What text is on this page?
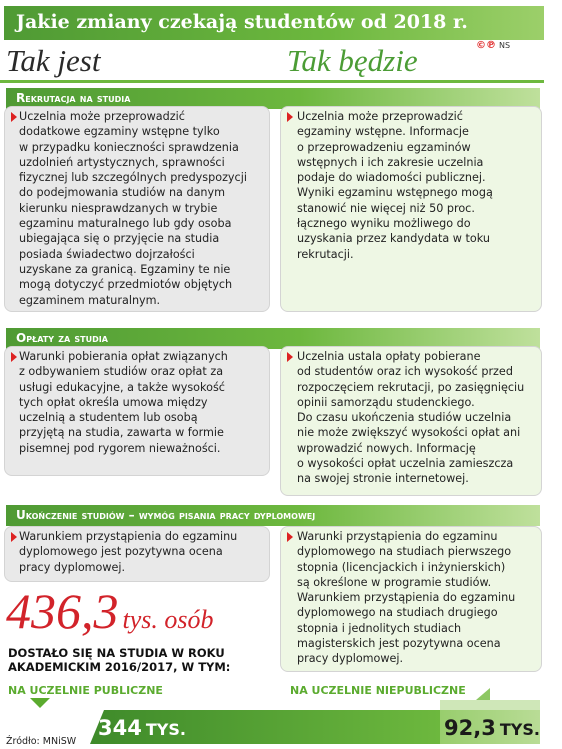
Jakie zmiany czekają studentów od 2018 r.
Tak jest	Tak będzie	©℗ NS
Rekrutacja na studia
Uczelnia może przeprowadzić
dodatkowe egzaminy wstępne tylko
w przypadku konieczności sprawdzenia
uzdolnień artystycznych, sprawności
fizycznej lub szczególnych predyspozycji
do podejmowania studiów na danym
kierunku niesprawdzanych w trybie
egzaminu maturalnego lub gdy osoba
ubiegająca się o przyjęcie na studia
posiada świadectwo dojrzałości
uzyskane za granicą. Egzaminy te nie
mogą dotyczyć przedmiotów objętych
egzaminem maturalnym.
Uczelnia może przeprowadzić
egzaminy wstępne. Informacje
o przeprowadzeniu egzaminów
wstępnych i ich zakresie uczelnia
podaje do wiadomości publicznej.
Wyniki egzaminu wstępnego mogą
stanowić nie więcej niż 50 proc.
łącznego wyniku możliwego do
uzyskania przez kandydata w toku
rekrutacji.
Opłaty za studia
Warunki pobierania opłat związanych
z odbywaniem studiów oraz opłat za
usługi edukacyjne, a także wysokość
tych opłat określa umowa między
uczelnią a studentem lub osobą
przyjętą na studia, zawarta w formie
pisemnej pod rygorem nieważności.
Uczelnia ustala opłaty pobierane
od studentów oraz ich wysokość przed
rozpoczęciem rekrutacji, po zasięgnięciu
opinii samorządu studenckiego.
Do czasu ukończenia studiów uczelnia
nie może zwiększyć wysokości opłat ani
wprowadzić nowych. Informację
o wysokości opłat uczelnia zamieszcza
na swojej stronie internetowej.
Ukończenie studiów – wymóg pisania pracy dyplomowej
Warunkiem przystąpienia do egzaminu
dyplomowego jest pozytywna ocena
pracy dyplomowej.
Warunki przystąpienia do egzaminu
dyplomowego na studiach pierwszego
stopnia (licencjackich i inżynierskich)
są określone w programie studiów.
Warunkiem przystąpienia do egzaminu
dyplomowego na studiach drugiego
stopnia i jednolitych studiach
magisterskich jest pozytywna ocena
pracy dyplomowej.
436,3 tys. osób
DOSTAŁO SIĘ NA STUDIA W ROKU
AKADEMICKIM 2016/2017, W TYM:
NA UCZELNIE PUBLICZNE	NA UCZELNIE NIEPUBLICZNE
344 TYS.	92,3 TYS.
Źródło: MNiSW
